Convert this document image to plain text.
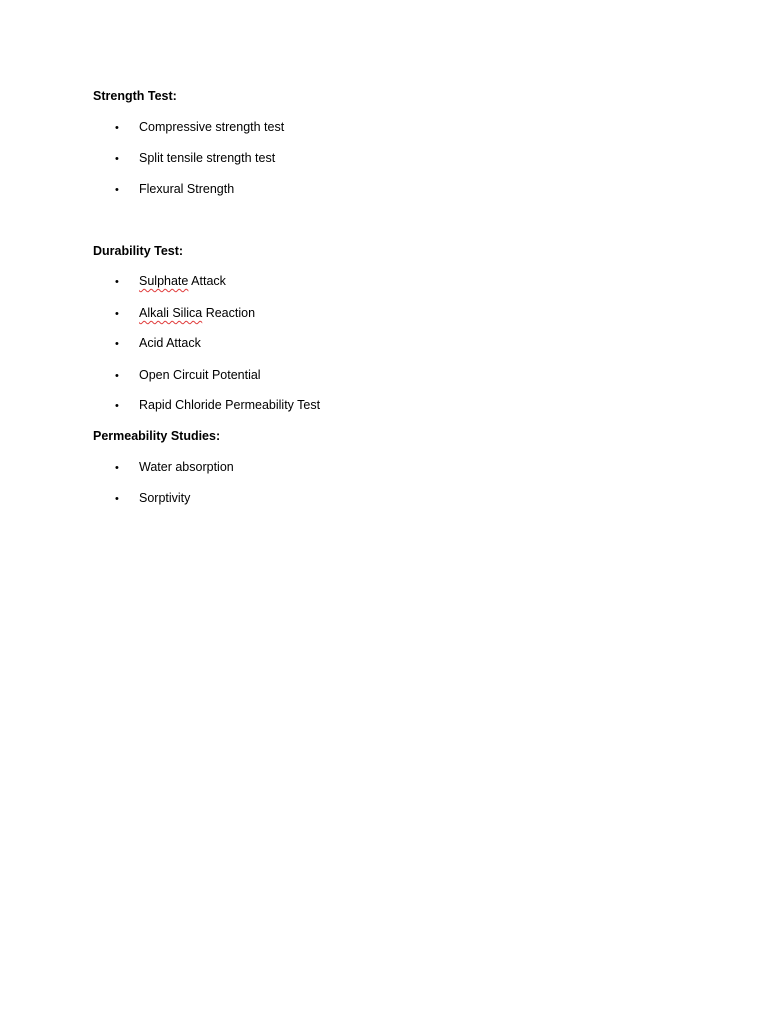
Strength Test:
• Compressive strength test
• Split tensile strength test
• Flexural Strength
Durability Test:
• Sulphate Attack
• Alkali Silica Reaction
• Acid Attack
• Open Circuit Potential
• Rapid Chloride Permeability Test
Permeability Studies:
• Water absorption
• Sorptivity
